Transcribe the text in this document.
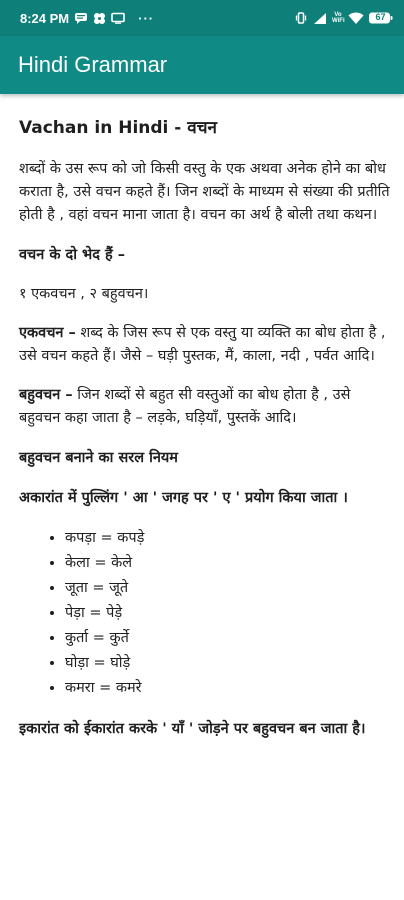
8:24 PM	···	Vo WiFi	67
Hindi Grammar
Vachan in Hindi - वचन

शब्दों के उस रूप को जो किसी वस्तु के एक अथवा अनेक होने का बोध कराता है, उसे वचन कहते हैं। जिन शब्दों के माध्यम से संख्या की प्रतीति होती है , वहां वचन माना जाता है। वचन का अर्थ है बोली तथा कथन।

वचन के दो भेद हैं –

१ एकवचन , २ बहुवचन।

एकवचन – शब्द के जिस रूप से एक वस्तु या व्यक्ति का बोध होता है , उसे वचन कहते हैं। जैसे – घड़ी पुस्तक, मैं, काला, नदी , पर्वत आदि।

बहुवचन – जिन शब्दों से बहुत सी वस्तुओं का बोध होता है , उसे बहुवचन कहा जाता है – लड़के, घड़ियाँ, पुस्तकें आदि।

बहुवचन बनाने का सरल नियम
अकारांत में पुल्लिंग ' आ ' जगह पर ' ए ' प्रयोग किया जाता ।
• कपड़ा = कपड़े
• केला = केले
• जूता = जूते
• पेड़ा = पेड़े
• कुर्ता = कुर्ते
• घोड़ा = घोड़े
• कमरा = कमरे
इकारांत को ईकारांत करके ' याँ ' जोड़ने पर बहुवचन बन जाता है।
